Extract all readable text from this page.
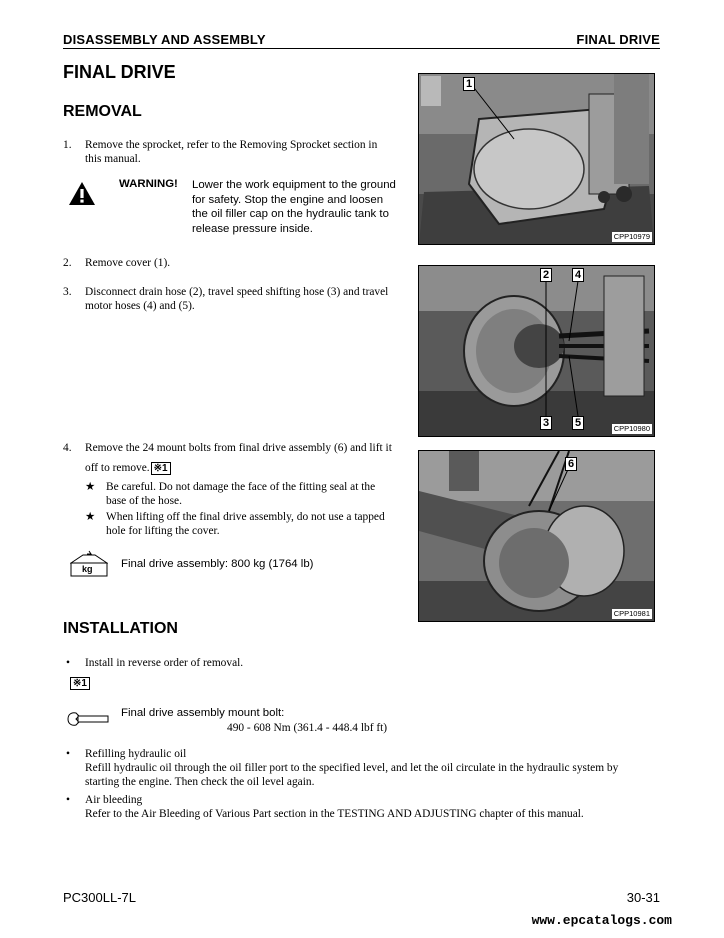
DISASSEMBLY AND ASSEMBLY	FINAL DRIVE
FINAL DRIVE
REMOVAL
1. Remove the sprocket, refer to the Removing Sprocket section in
this manual.
WARNING! Lower the work equipment to the ground
for safety. Stop the engine and loosen
the oil filler cap on the hydraulic tank to
release pressure inside.
2. Remove cover (1).
3. Disconnect drain hose (2), travel speed shifting hose (3) and travel
motor hoses (4) and (5).
4. Remove the 24 mount bolts from final drive assembly (6) and lift it
off to remove. ※1
★ Be careful. Do not damage the face of the fitting seal at the
base of the hose.
★ When lifting off the final drive assembly, do not use a tapped
hole for lifting the cover.
kg Final drive assembly: 800 kg (1764 lb)
1
CPP10979
2 4
3 5	CPP10980
6
CPP10981
INSTALLATION
• Install in reverse order of removal.
※1
Final drive assembly mount bolt:
490 - 608 Nm (361.4 - 448.4 lbf ft)
• Refilling hydraulic oil
Refill hydraulic oil through the oil filler port to the specified level, and let the oil circulate in the hydraulic system by
starting the engine. Then check the oil level again.
• Air bleeding
Refer to the Air Bleeding of Various Part section in the TESTING AND ADJUSTING chapter of this manual.
PC300LL-7L	30-31
www.epcatalogs.com
